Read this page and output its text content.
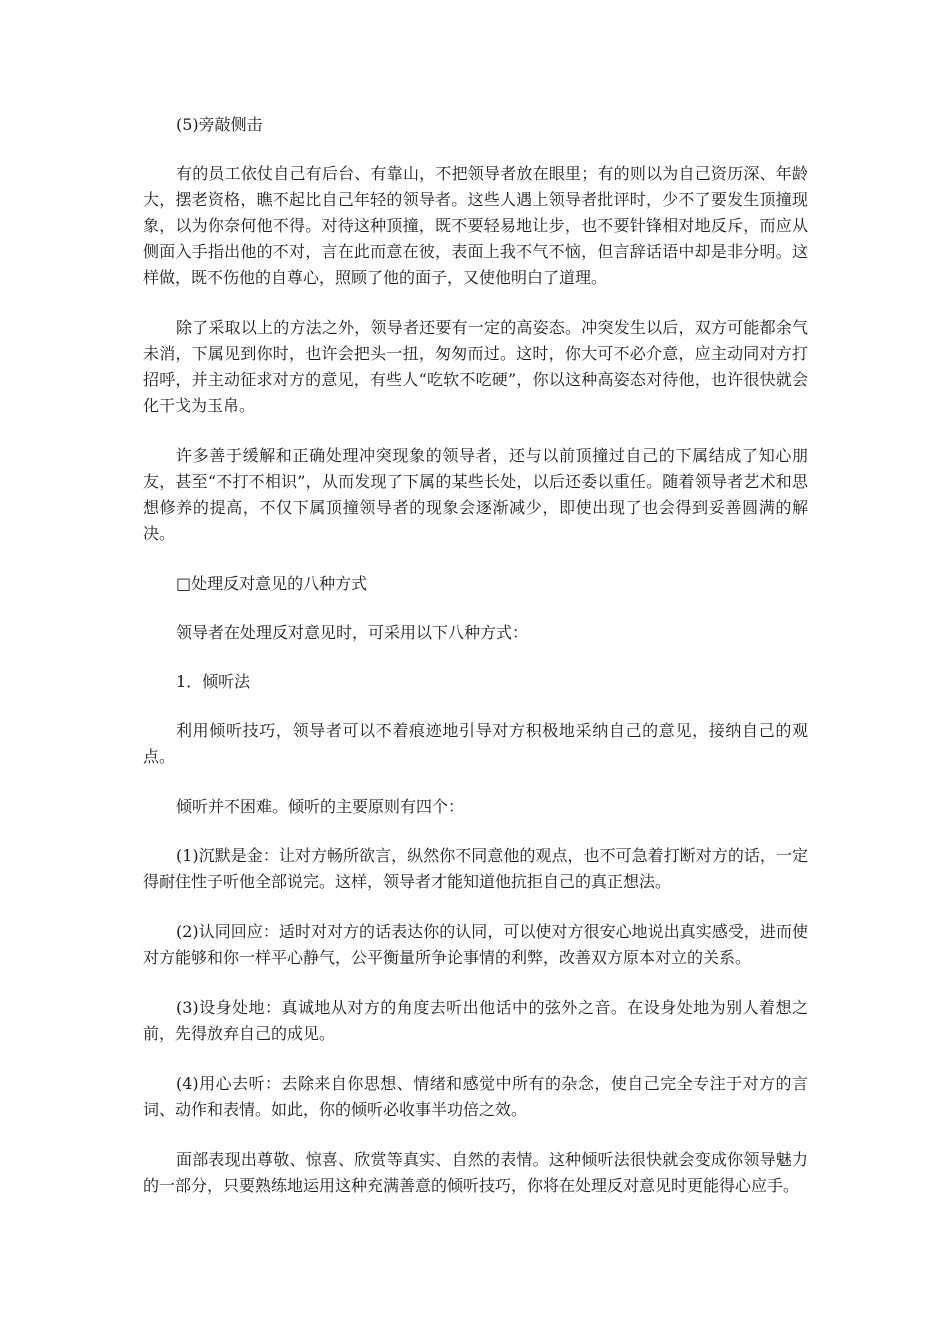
(5)旁敲侧击

有的员工依仗自己有后台、有靠山，不把领导者放在眼里；有的则以为自己资历深、年龄大，摆老资格，瞧不起比自己年轻的领导者。这些人遇上领导者批评时，少不了要发生顶撞现象，以为你奈何他不得。对待这种顶撞，既不要轻易地让步，也不要针锋相对地反斥，而应从侧面入手指出他的不对，言在此而意在彼，表面上我不气不恼，但言辞话语中却是非分明。这样做，既不伤他的自尊心，照顾了他的面子，又使他明白了道理。

除了采取以上的方法之外，领导者还要有一定的高姿态。冲突发生以后，双方可能都余气未消，下属见到你时，也许会把头一扭，匆匆而过。这时，你大可不必介意，应主动同对方打招呼，并主动征求对方的意见，有些人“吃软不吃硬”，你以这种高姿态对待他，也许很快就会化干戈为玉帛。

许多善于缓解和正确处理冲突现象的领导者，还与以前顶撞过自己的下属结成了知心朋友，甚至“不打不相识”，从而发现了下属的某些长处，以后还委以重任。随着领导者艺术和思想修养的提高，不仅下属顶撞领导者的现象会逐渐减少，即使出现了也会得到妥善圆满的解决。

□处理反对意见的八种方式

领导者在处理反对意见时，可采用以下八种方式：

1．倾听法

利用倾听技巧，领导者可以不着痕迹地引导对方积极地采纳自己的意见，接纳自己的观点。

倾听并不困难。倾听的主要原则有四个：

(1)沉默是金：让对方畅所欲言，纵然你不同意他的观点，也不可急着打断对方的话，一定得耐住性子听他全部说完。这样，领导者才能知道他抗拒自己的真正想法。

(2)认同回应：适时对对方的话表达你的认同，可以使对方很安心地说出真实感受，进而使对方能够和你一样平心静气，公平衡量所争论事情的利弊，改善双方原本对立的关系。

(3)设身处地：真诚地从对方的角度去听出他话中的弦外之音。在设身处地为别人着想之前，先得放弃自己的成见。

(4)用心去听：去除来自你思想、情绪和感觉中所有的杂念，使自己完全专注于对方的言词、动作和表情。如此，你的倾听必收事半功倍之效。

面部表现出尊敬、惊喜、欣赏等真实、自然的表情。这种倾听法很快就会变成你领导魅力的一部分，只要熟练地运用这种充满善意的倾听技巧，你将在处理反对意见时更能得心应手。
